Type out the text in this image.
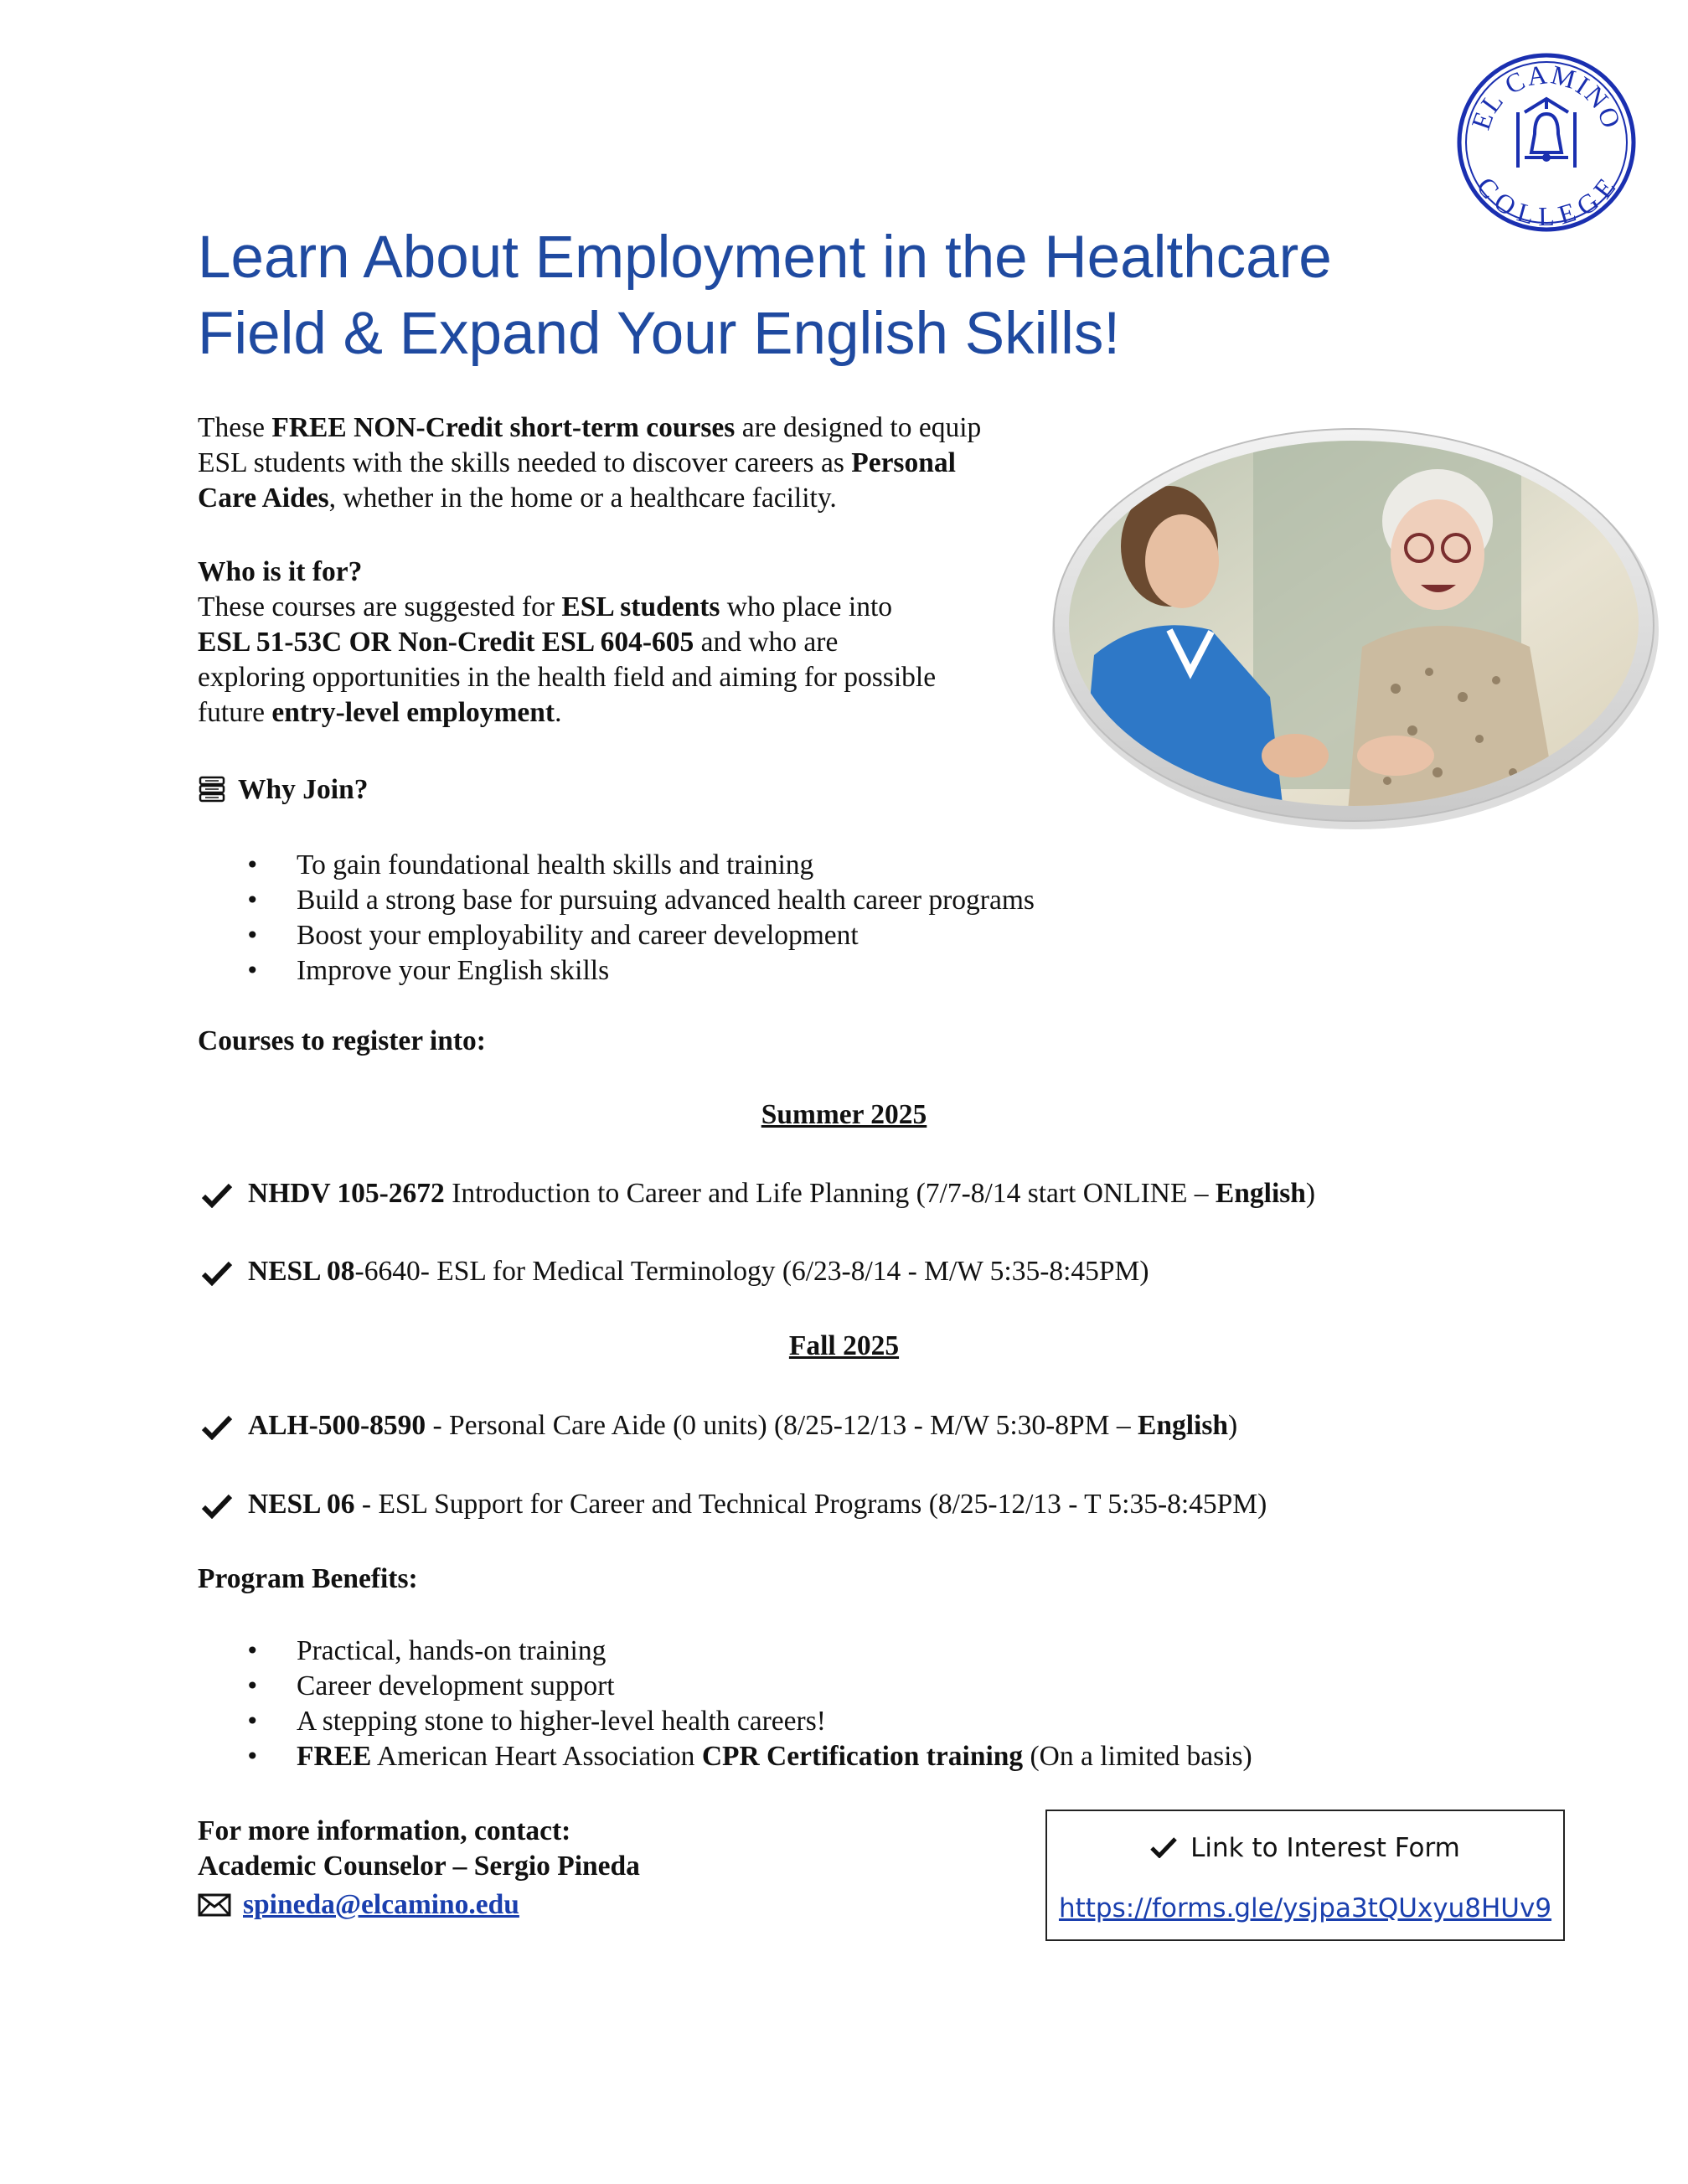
EL CAMINO
COLLEGE
Learn About Employment in the Healthcare
Field & Expand Your English Skills!
These FREE NON-Credit short-term courses are designed to equip
ESL students with the skills needed to discover careers as Personal
Care Aides, whether in the home or a healthcare facility.
Who is it for?
These courses are suggested for ESL students who place into
ESL 51-53C OR Non-Credit ESL 604-605 and who are
exploring opportunities in the health field and aiming for possible
future entry-level employment.
Why Join?
• To gain foundational health skills and training
• Build a strong base for pursuing advanced health career programs
• Boost your employability and career development
• Improve your English skills
Courses to register into:
Summer 2025
NHDV 105-2672 Introduction to Career and Life Planning (7/7-8/14 start ONLINE – English)
NESL 08-6640- ESL for Medical Terminology (6/23-8/14 - M/W 5:35-8:45PM)
Fall 2025
ALH-500-8590 - Personal Care Aide (0 units) (8/25-12/13 - M/W 5:30-8PM – English)
NESL 06 - ESL Support for Career and Technical Programs (8/25-12/13 - T 5:35-8:45PM)
Program Benefits:
• Practical, hands-on training
• Career development support
• A stepping stone to higher-level health careers!
• FREE American Heart Association CPR Certification training (On a limited basis)
For more information, contact:
Academic Counselor – Sergio Pineda
spineda@elcamino.edu
Link to Interest Form
https://forms.gle/ysjpa3tQUxyu8HUv9
